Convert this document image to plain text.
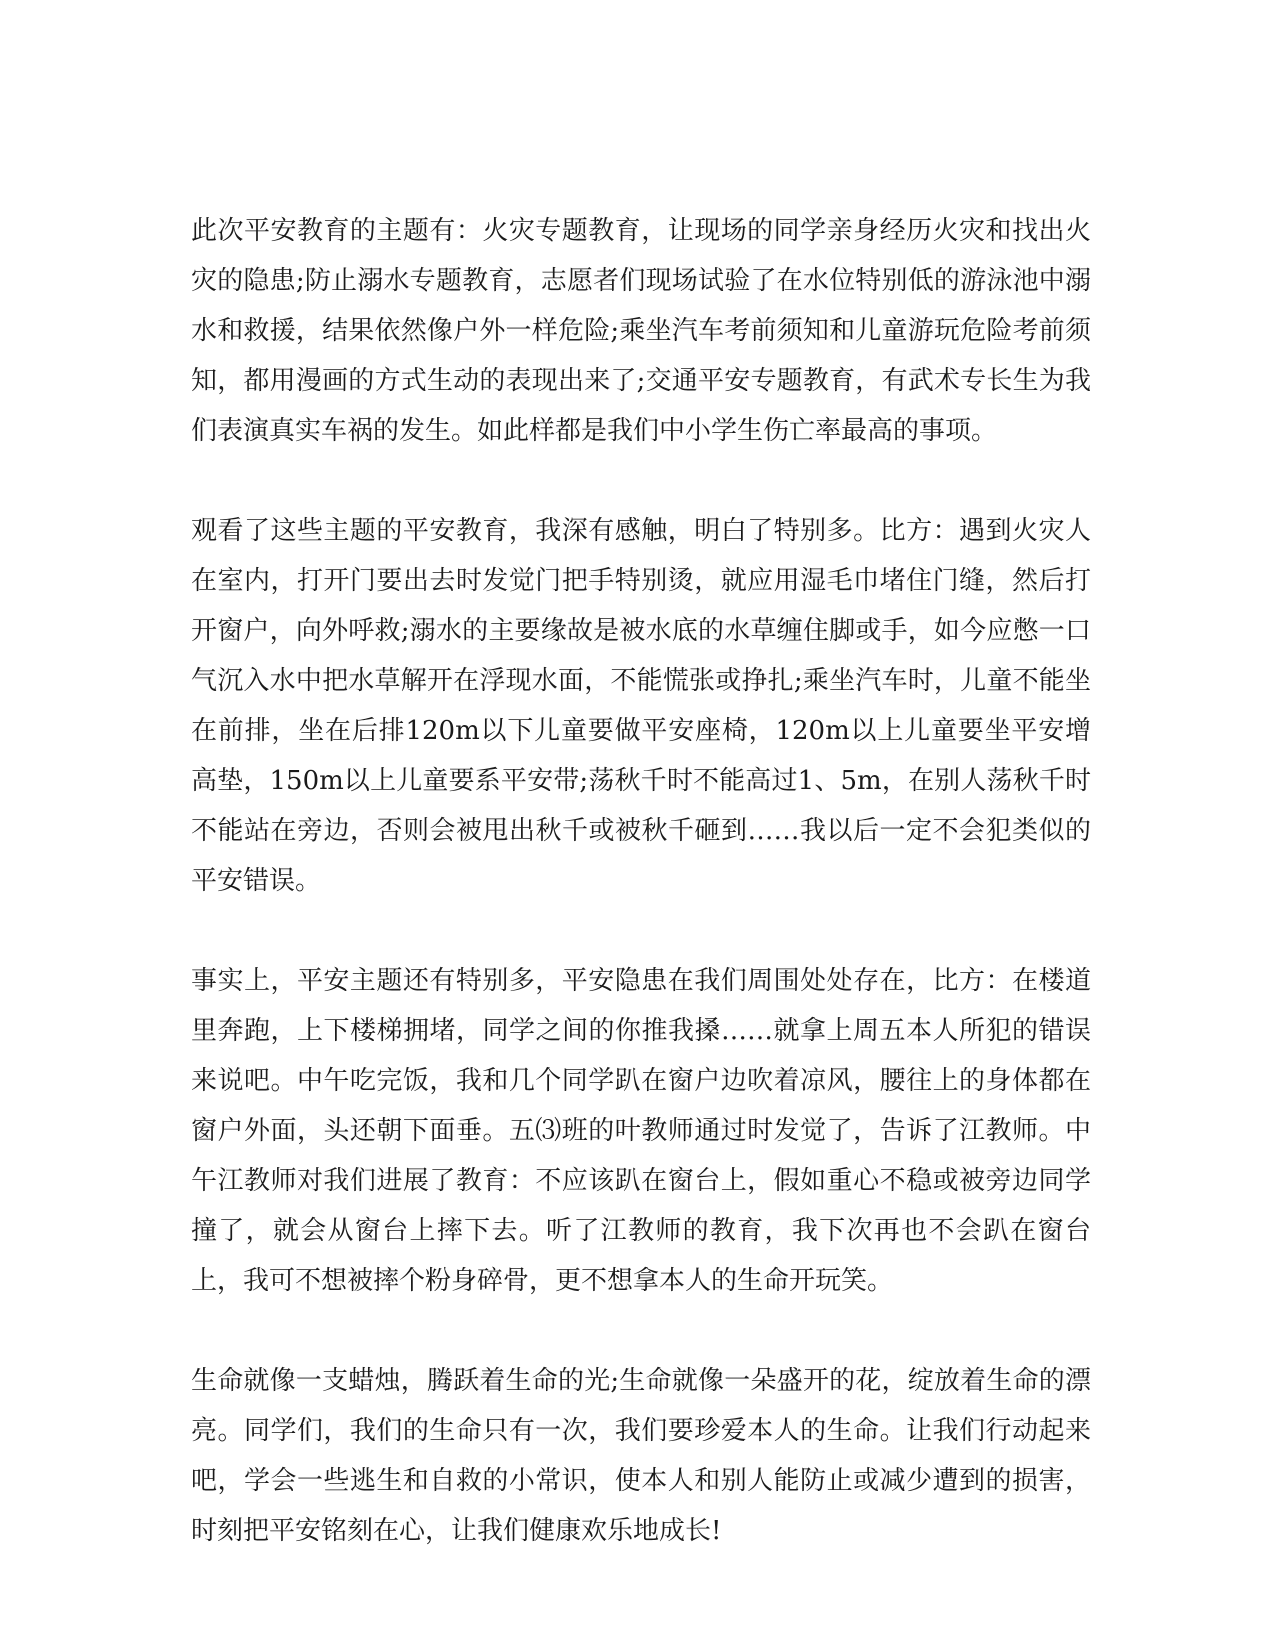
此次平安教育的主题有：火灾专题教育，让现场的同学亲身经历火灾和找出火灾的隐患;防止溺水专题教育，志愿者们现场试验了在水位特别低的游泳池中溺水和救援，结果依然像户外一样危险;乘坐汽车考前须知和儿童游玩危险考前须知，都用漫画的方式生动的表现出来了;交通平安专题教育，有武术专长生为我们表演真实车祸的发生。如此样都是我们中小学生伤亡率最高的事项。

观看了这些主题的平安教育，我深有感触，明白了特别多。比方：遇到火灾人在室内，打开门要出去时发觉门把手特别烫，就应用湿毛巾堵住门缝，然后打开窗户，向外呼救;溺水的主要缘故是被水底的水草缠住脚或手，如今应憋一口气沉入水中把水草解开在浮现水面，不能慌张或挣扎;乘坐汽车时，儿童不能坐在前排，坐在后排120m以下儿童要做平安座椅，120m以上儿童要坐平安增高垫，150m以上儿童要系平安带;荡秋千时不能高过1、5m，在别人荡秋千时不能站在旁边，否则会被甩出秋千或被秋千砸到……我以后一定不会犯类似的平安错误。

事实上，平安主题还有特别多，平安隐患在我们周围处处存在，比方：在楼道里奔跑，上下楼梯拥堵，同学之间的你推我搡……就拿上周五本人所犯的错误来说吧。中午吃完饭，我和几个同学趴在窗户边吹着凉风，腰往上的身体都在窗户外面，头还朝下面垂。五⑶班的叶教师通过时发觉了，告诉了江教师。中午江教师对我们进展了教育：不应该趴在窗台上，假如重心不稳或被旁边同学撞了，就会从窗台上摔下去。听了江教师的教育，我下次再也不会趴在窗台上，我可不想被摔个粉身碎骨，更不想拿本人的生命开玩笑。

生命就像一支蜡烛，腾跃着生命的光;生命就像一朵盛开的花，绽放着生命的漂亮。同学们，我们的生命只有一次，我们要珍爱本人的生命。让我们行动起来吧，学会一些逃生和自救的小常识，使本人和别人能防止或减少遭到的损害，时刻把平安铭刻在心，让我们健康欢乐地成长!
